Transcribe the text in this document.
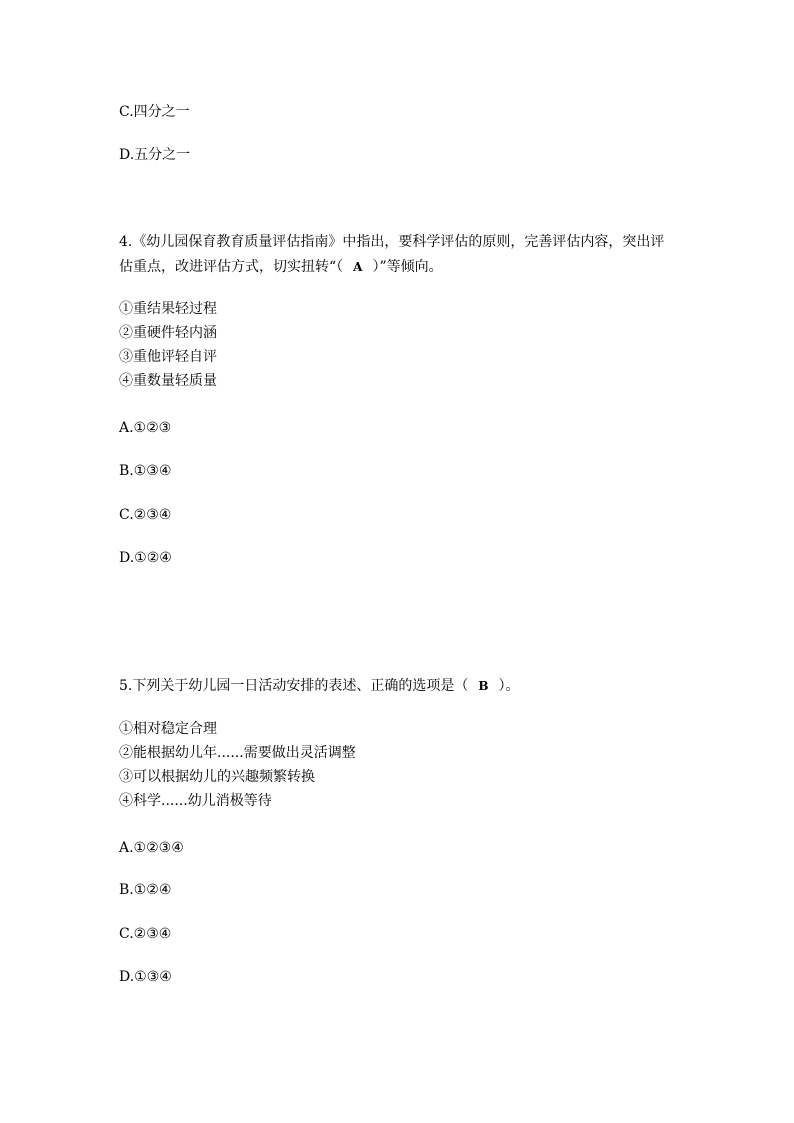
C.四分之一
D.五分之一
4.《幼儿园保育教育质量评估指南》中指出，要科学评估的原则，完善评估内容，突出评
估重点，改进评估方式，切实扭转“（ A ）”等倾向。
①重结果轻过程
②重硬件轻内涵
③重他评轻自评
④重数量轻质量
A.①②③
B.①③④
C.②③④
D.①②④
5.下列关于幼儿园一日活动安排的表述、正确的选项是（ B ）。
①相对稳定合理
②能根据幼儿年......需要做出灵活调整
③可以根据幼儿的兴趣频繁转换
④科学......幼儿消极等待
A.①②③④
B.①②④
C.②③④
D.①③④
